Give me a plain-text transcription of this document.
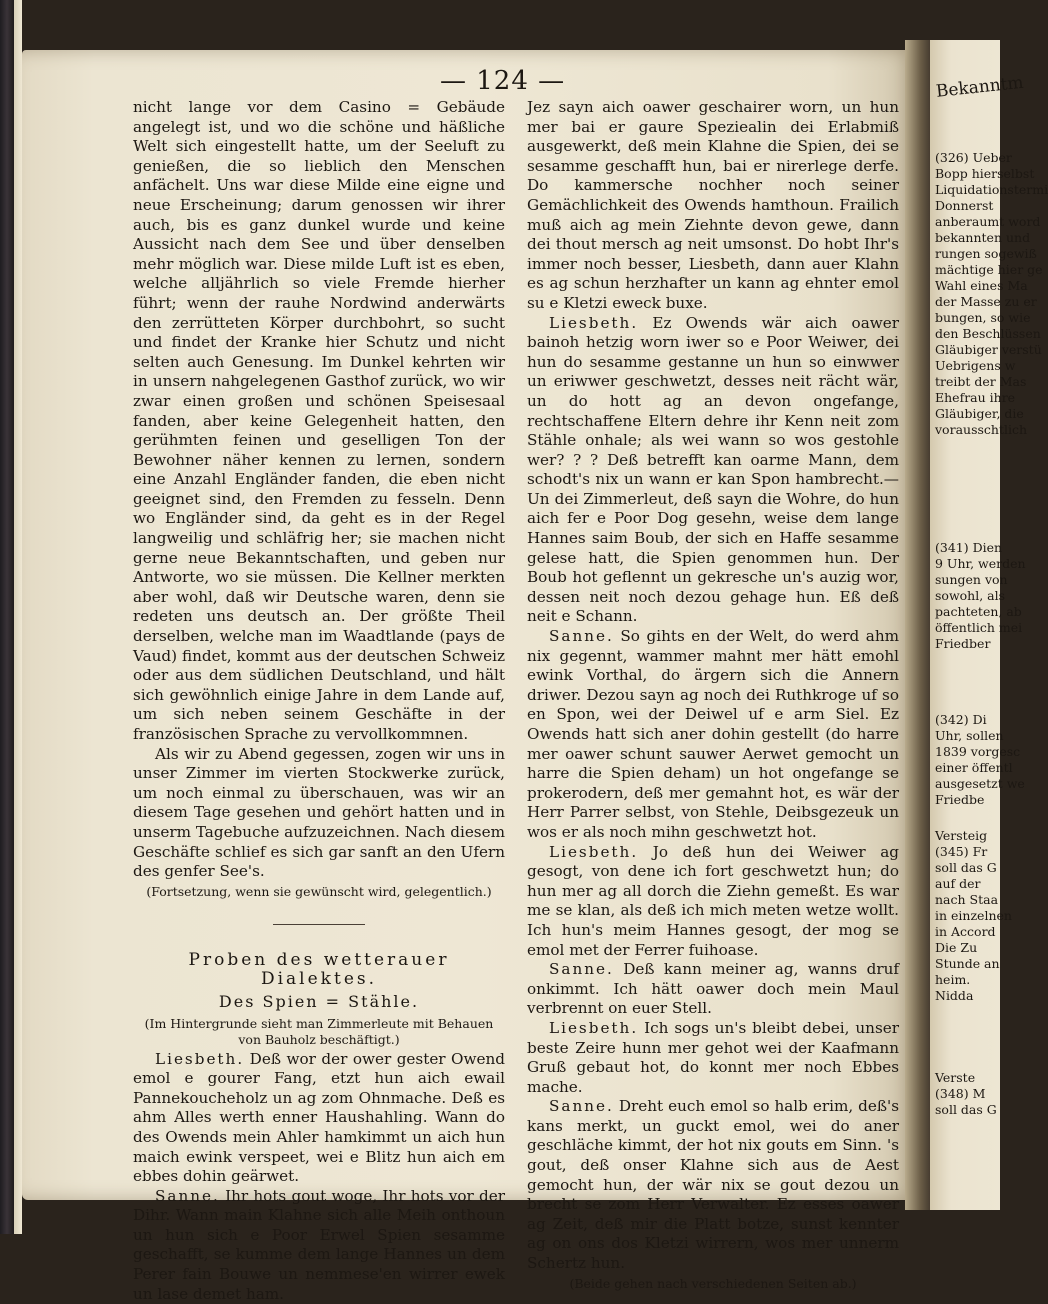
— 124 —

nicht lange vor dem Casino = Gebäude angelegt ist, und wo die schöne und häßliche Welt sich eingestellt hatte, um der Seeluft zu genießen, die so lieblich den Menschen anfächelt. Uns war diese Milde eine eigne und neue Erscheinung; darum genossen wir ihrer auch, bis es ganz dunkel wurde und keine Aussicht nach dem See und über denselben mehr möglich war. Diese milde Luft ist es eben, welche alljährlich so viele Fremde hierher führt; wenn der rauhe Nordwind anderwärts den zerrütteten Körper durchbohrt, so sucht und findet der Kranke hier Schutz und nicht selten auch Genesung. Im Dunkel kehrten wir in unsern nahgelegenen Gasthof zurück, wo wir zwar einen großen und schönen Speisesaal fanden, aber keine Gelegenheit hatten, den gerühmten feinen und geselligen Ton der Bewohner näher kennen zu lernen, sondern eine Anzahl Engländer fanden, die eben nicht geeignet sind, den Fremden zu fesseln. Denn wo Engländer sind, da geht es in der Regel langweilig und schläfrig her; sie machen nicht gerne neue Bekanntschaften, und geben nur Antworte, wo sie müssen. Die Kellner merkten aber wohl, daß wir Deutsche waren, denn sie redeten uns deutsch an. Der größte Theil derselben, welche man im Waadtlande (pays de Vaud) findet, kommt aus der deutschen Schweiz oder aus dem südlichen Deutschland, und hält sich gewöhnlich einige Jahre in dem Lande auf, um sich neben seinem Geschäfte in der französischen Sprache zu vervollkommnen.

Als wir zu Abend gegessen, zogen wir uns in unser Zimmer im vierten Stockwerke zurück, um noch einmal zu überschauen, was wir an diesem Tage gesehen und gehört hatten und in unserm Tagebuche aufzuzeichnen. Nach diesem Geschäfte schlief es sich gar sanft an den Ufern des genfer See's.

(Fortsetzung, wenn sie gewünscht wird, gelegentlich.)

Proben des wetterauer Dialektes.

Des Spien = Stähle.

(Im Hintergrunde sieht man Zimmerleute mit Behauen von Bauholz beschäftigt.)

Liesbeth. Deß wor der ower gester Owend emol e gourer Fang, etzt hun aich ewail Pannekoucheholz un ag zom Ohnmache. Deß es ahm Alles werth enner Haushahling. Wann do des Owends mein Ahler hamkimmt un aich hun maich ewink verspeet, wei e Blitz hun aich em ebbes dohin geärwet.

Sanne. Ihr hots gout woge, Ihr hots vor der Dihr. Wann main Klahne sich alle Meih onthoun un hun sich e Poor Erwel Spien sesamme geschafft, se kumme dem lange Hannes un dem Perer fain Bouwe un nemmese'en wirrer ewek un lase demet ham.

Jez sayn aich oawer geschairer worn, un hun mer bai er gaure Speziealin dei Erlabmiß ausgewerkt, deß mein Klahne die Spien, dei se sesamme geschafft hun, bai er nirerlege derfe. Do kammersche nochher noch seiner Gemächlichkeit des Owends hamthoun. Frailich muß aich ag mein Ziehnte devon gewe, dann dei thout mersch ag neit umsonst. Do hobt Ihr's immer noch besser, Liesbeth, dann auer Klahn es ag schun herzhafter un kann ag ehnter emol su e Kletzi eweck buxe.

Liesbeth. Ez Owends wär aich oawer bainoh hetzig worn iwer so e Poor Weiwer, dei hun do sesamme gestanne un hun so einwwer un eriwwer geschwetzt, desses neit rächt wär, un do hott ag an devon ongefange, rechtschaffene Eltern dehre ihr Kenn neit zom Stähle onhale; als wei wann so wos gestohle wer? ? ? Deß betrefft kan oarme Mann, dem schodt's nix un wann er kan Spon hambrecht.—Un dei Zimmerleut, deß sayn die Wohre, do hun aich fer e Poor Dog gesehn, weise dem lange Hannes saim Boub, der sich en Haffe sesamme gelese hatt, die Spien genommen hun. Der Boub hot geflennt un gekresche un's auzig wor, dessen neit noch dezou gehage hun. Eß deß neit e Schann.

Sanne. So gihts en der Welt, do werd ahm nix gegennt, wammer mahnt mer hätt emohl ewink Vorthal, do ärgern sich die Annern driwer. Dezou sayn ag noch dei Ruthkroge uf so en Spon, wei der Deiwel uf e arm Siel. Ez Owends hatt sich aner dohin gestellt (do harre mer oawer schunt sauwer Aerwet gemocht un harre die Spien deham) un hot ongefange se prokerodern, deß mer gemahnt hot, es wär der Herr Parrer selbst, von Stehle, Deibsgezeuk un wos er als noch mihn geschwetzt hot.

Liesbeth. Jo deß hun dei Weiwer ag gesogt, von dene ich fort geschwetzt hun; do hun mer ag all dorch die Ziehn gemeßt. Es war me se klan, als deß ich mich meten wetze wollt. Ich hun's meim Hannes gesogt, der mog se emol met der Ferrer fuihoase.

Sanne. Deß kann meiner ag, wanns druf onkimmt. Ich hätt oawer doch mein Maul verbrennt on euer Stell.

Liesbeth. Ich sogs un's bleibt debei, unser beste Zeire hunn mer gehot wei der Kaafmann Gruß gebaut hot, do konnt mer noch Ebbes mache.

Sanne. Dreht euch emol so halb erim, deß's kans merkt, un guckt emol, wei do aner geschläche kimmt, der hot nix gouts em Sinn. 's gout, deß onser Klahne sich aus de Aest gemocht hun, der wär nix se gout dezou un brecht se zom Herr Verwalter. Ez esses oawer ag Zeit, deß mir die Platt botze, sunst kennter ag on ons dos Kletzi wirrern, wos mer unnerm Schertz hun.

(Beide gehen nach verschiedenen Seiten ab.)

Bekanntm
(326) Ueber
Bopp hierselbst
Liquidationstermi
Donnerst
anberaumt word
bekannten und
rungen sogewiß
mächtige hier ge
Wahl eines Ma
der Masse zu er
bungen, so wie
den Beschlüssen
Gläubiger verstü
Uebrigens w
treibt der Mas
Ehefrau ihre
Gläubiger, die
vorausschtlich
(341) Dien
9 Uhr, werden
sungen von
sowohl, als
pachteten, ab
öffentlich mei
Friedber
(342) Di
Uhr, sollen
1839 vorgesc
einer öffentl
ausgesetzt we
Friedbe
Versteig
(345) Fr
soll das G
auf der
nach Staa
in einzelnen
in Accord
Die Zu
Stunde an
heim.
Nidda
Verste
(348) M
soll das G
